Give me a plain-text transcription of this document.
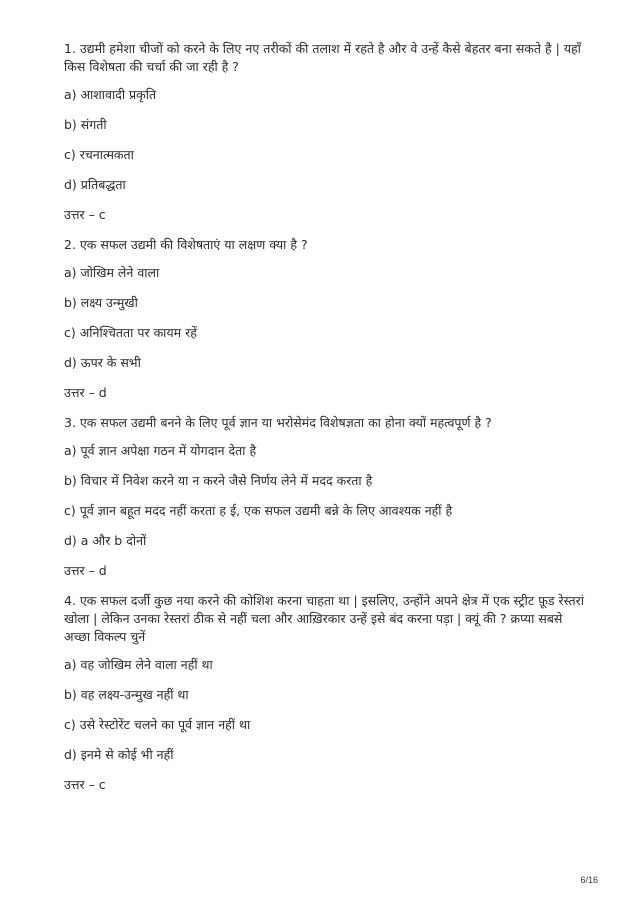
1. उद्यमी हमेशा चीजों को करने के लिए नए तरीकों की तलाश में रहते है और वे उन्हें कैसे बेहतर बना सकते है | यहाँ किस विशेषता की चर्चा की जा रही है ?

a) आशावादी प्रकृति

b) संगती

c) रचनात्मकता

d) प्रतिबद्धता

उत्तर – c

2. एक सफल उद्यमी की विशेषताएं या लक्षण क्या है ?

a) जोखिम लेने वाला

b) लक्ष्य उन्मुखी

c) अनिश्चितता पर कायम रहें

d) ऊपर के सभी

उत्तर – d

3. एक सफल उद्यमी बनने के लिए पूर्व ज्ञान या भरोसेमंद विशेषज्ञता का होना क्यों महत्वपूर्ण है ?

a) पूर्व ज्ञान अपेक्षा गठन में योगदान देता है

b) विचार में निवेश करने या न करने जैसे निर्णय लेने में मदद करता है

c) पूर्व ज्ञान बहूत मदद नहीं करता ह ई, एक सफल उद्यमी बन्ने के लिए आवश्यक नहीं है

d) a और b दोनों

उत्तर – d

4. एक सफल दर्जी कुछ नया करने की कोशिश करना चाहता था | इसलिए, उन्होंने अपने क्षेत्र में एक स्ट्रीट फ़ूड रेस्तरां खोला | लेकिन उनका रेस्तरां ठीक से नहीं चला और आख़िरकार उन्हें इसे बंद करना पड़ा | क्यूं की ? क्रप्या सबसे अच्छा विकल्प चुनें

a) वह जोखिम लेने वाला नहीं था

b) वह लक्ष्य-उन्मुख नहीं था

c) उसे रेस्टोरेंट चलने का पूर्व ज्ञान नहीं था

d) इनमे से कोई भी नहीं

उत्तर – c

6/16
